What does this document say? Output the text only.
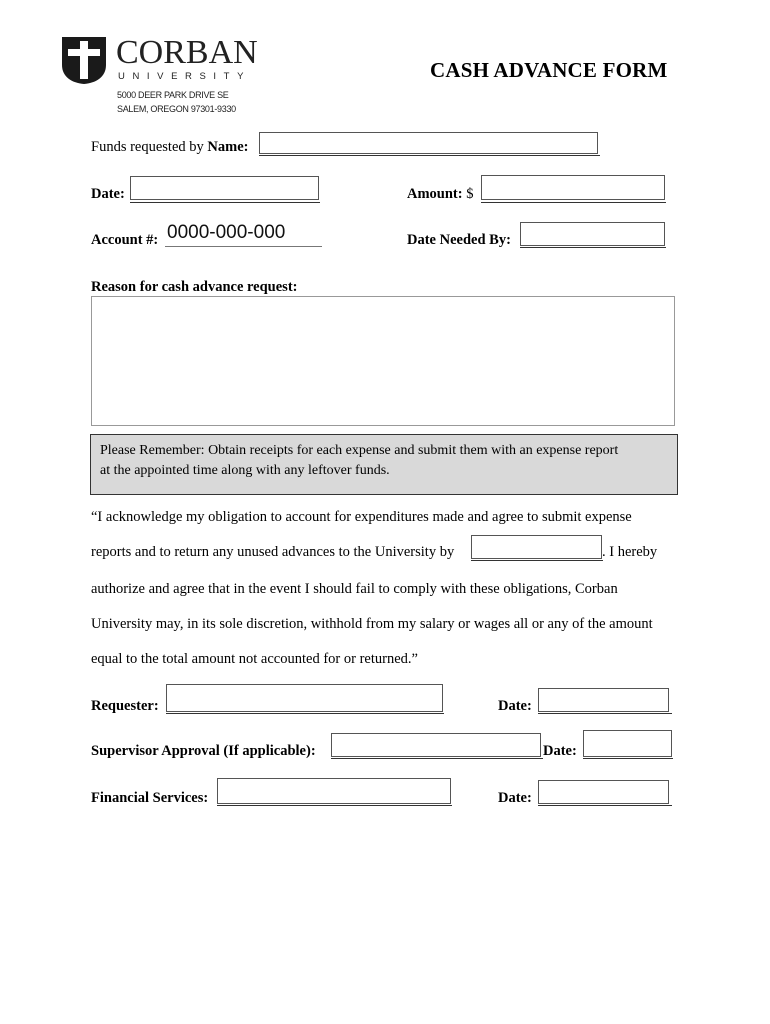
CORBAN
UNIVERSITY
5000 DEER PARK DRIVE SE
SALEM, OREGON 97301-9330
CASH ADVANCE FORM
Funds requested by Name:
Date:	Amount: $
Account #: 0000-000-000	Date Needed By:
Reason for cash advance request:
Please Remember: Obtain receipts for each expense and submit them with an expense report
at the appointed time along with any leftover funds.
“I acknowledge my obligation to account for expenditures made and agree to submit expense
reports and to return any unused advances to the University by	. I hereby
authorize and agree that in the event I should fail to comply with these obligations, Corban
University may, in its sole discretion, withhold from my salary or wages all or any of the amount
equal to the total amount not accounted for or returned.”
Requester:	Date:
Supervisor Approval (If applicable):	Date:
Financial Services:	Date:
